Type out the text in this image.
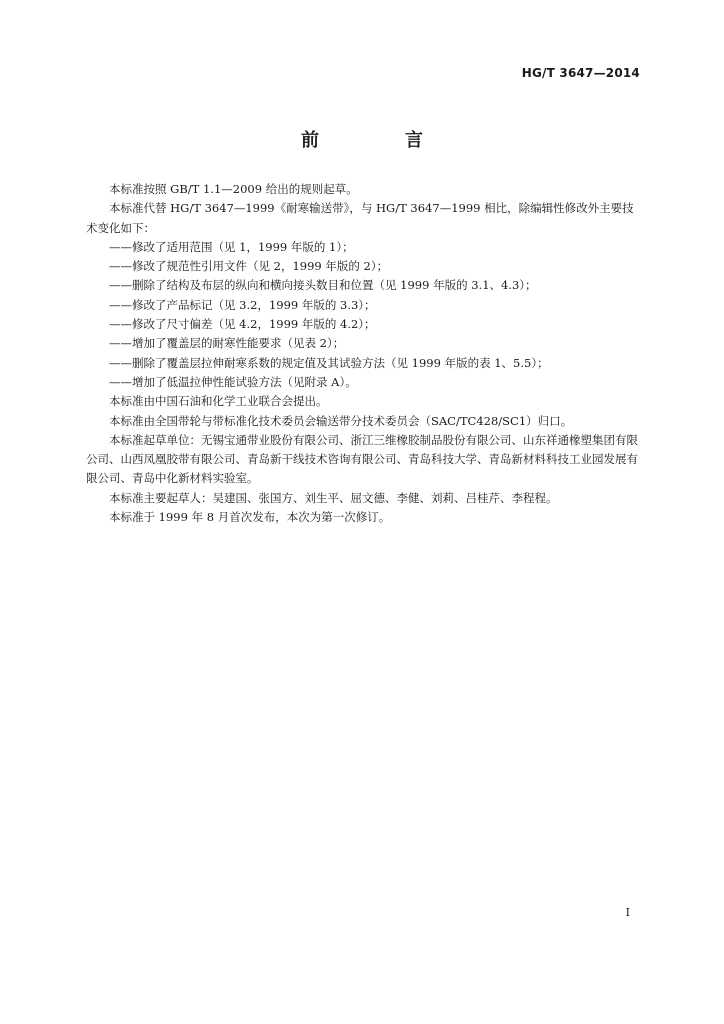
HG/T 3647—2014
前　言

本标准按照 GB/T 1.1—2009 给出的规则起草。

本标准代替 HG/T 3647—1999《耐寒输送带》，与 HG/T 3647—1999 相比，除编辑性修改外主要技术变化如下：

——修改了适用范围（见 1，1999 年版的 1）；

——修改了规范性引用文件（见 2，1999 年版的 2）；

——删除了结构及布层的纵向和横向接头数目和位置（见 1999 年版的 3.1、4.3）；

——修改了产品标记（见 3.2，1999 年版的 3.3）；

——修改了尺寸偏差（见 4.2，1999 年版的 4.2）；

——增加了覆盖层的耐寒性能要求（见表 2）；

——删除了覆盖层拉伸耐寒系数的规定值及其试验方法（见 1999 年版的表 1、5.5）；

——增加了低温拉伸性能试验方法（见附录 A）。

本标准由中国石油和化学工业联合会提出。

本标准由全国带轮与带标准化技术委员会输送带分技术委员会（SAC/TC428/SC1）归口。

本标准起草单位：无锡宝通带业股份有限公司、浙江三维橡胶制品股份有限公司、山东祥通橡塑集团有限公司、山西凤凰胶带有限公司、青岛新干线技术咨询有限公司、青岛科技大学、青岛新材料科技工业园发展有限公司、青岛中化新材料实验室。

本标准主要起草人：吴建国、张国方、刘生平、屈文德、李健、刘莉、吕桂芹、李程程。

本标准于 1999 年 8 月首次发布，本次为第一次修订。

I
